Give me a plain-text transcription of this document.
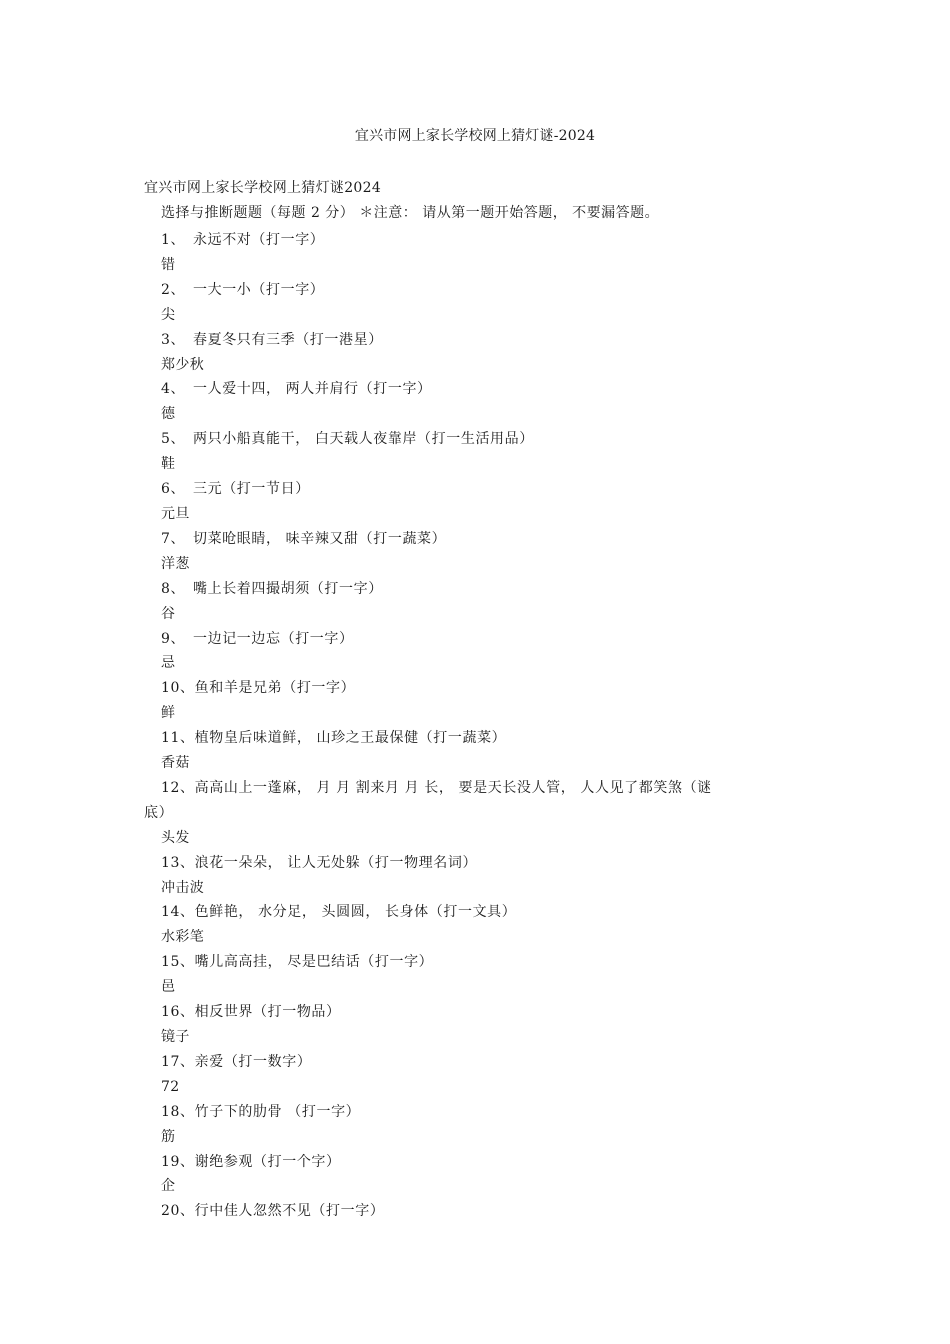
宜兴市网上家长学校网上猜灯谜-2024
宜兴市网上家长学校网上猜灯谜2024
选择与推断题题（每题 2 分） ＊注意： 请从第一题开始答题， 不要漏答题。
1、 永远不对（打一字）
错
2、 一大一小（打一字）
尖
3、 春夏冬只有三季（打一港星）
郑少秋
4、 一人爱十四， 两人并肩行（打一字）
德
5、 两只小船真能干， 白天载人夜靠岸（打一生活用品）
鞋
6、 三元（打一节日）
元旦
7、 切菜呛眼睛， 味辛辣又甜（打一蔬菜）
洋葱
8、 嘴上长着四撮胡须（打一字）
谷
9、 一边记一边忘（打一字）
忌
10、鱼和羊是兄弟（打一字）
鲜
11、植物皇后味道鲜， 山珍之王最保健（打一蔬菜）
香菇
12、高高山上一蓬麻， 月 月 割来月 月 长， 要是天长没人管， 人人见了都笑煞（谜
底）
头发
13、浪花一朵朵， 让人无处躲（打一物理名词）
冲击波
14、色鲜艳， 水分足， 头圆圆， 长身体（打一文具）
水彩笔
15、嘴儿高高挂， 尽是巴结话（打一字）
邑
16、相反世界（打一物品）
镜子
17、亲爱（打一数字）
72
18、竹子下的肋骨 （打一字）
筋
19、谢绝参观（打一个字）
企
20、行中佳人忽然不见（打一字）
